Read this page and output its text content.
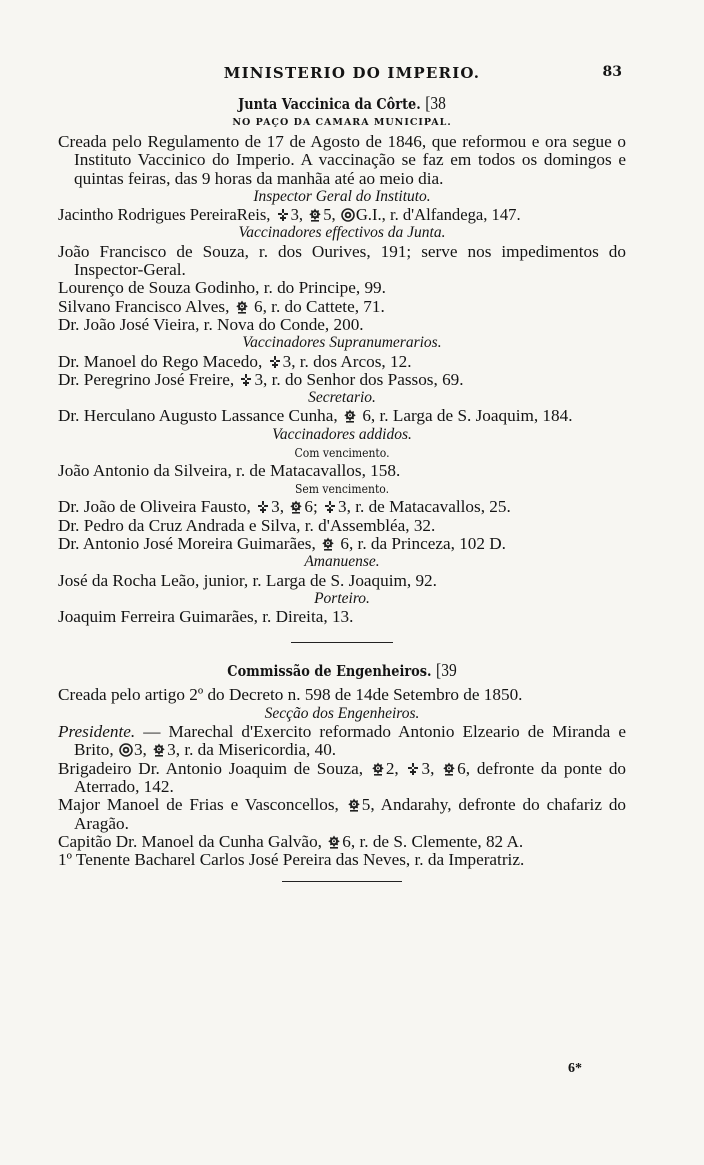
MINISTERIO DO IMPERIO.	83
Junta Vaccinica da Côrte. [38
NO PAÇO DA CAMARA MUNICIPAL.

Creada pelo Regulamento de 17 de Agosto de 1846, que reformou e ora segue o Instituto Vaccinico do Imperio. A vaccinação se faz em todos os domingos e quintas feiras, das 9 horas da manhãa até ao meio dia.

Inspector Geral do Instituto.

Jacintho Rodrigues PereiraReis, 3, 5, G.I., r. d'Alfandega, 147.

Vaccinadores effectivos da Junta.

João Francisco de Souza, r. dos Ourives, 191; serve nos impedimentos do Inspector-Geral.

Lourenço de Souza Godinho, r. do Principe, 99.

Silvano Francisco Alves, 6, r. do Cattete, 71.

Dr. João José Vieira, r. Nova do Conde, 200.

Vaccinadores Supranumerarios.

Dr. Manoel do Rego Macedo, 3, r. dos Arcos, 12.

Dr. Peregrino José Freire, 3, r. do Senhor dos Passos, 69.

Secretario.

Dr. Herculano Augusto Lassance Cunha, 6, r. Larga de S. Joaquim, 184.

Vaccinadores addidos.
Com vencimento.

João Antonio da Silveira, r. de Matacavallos, 158.

Sem vencimento.

Dr. João de Oliveira Fausto, 3, 6; 3, r. de Matacavallos, 25.

Dr. Pedro da Cruz Andrada e Silva, r. d'Assembléa, 32.

Dr. Antonio José Moreira Guimarães, 6, r. da Princeza, 102 D.

Amanuense.

José da Rocha Leão, junior, r. Larga de S. Joaquim, 92.

Porteiro.

Joaquim Ferreira Guimarães, r. Direita, 13.

Commissão de Engenheiros. [39

Creada pelo artigo 2º do Decreto n. 598 de 14de Setembro de 1850.

Secção dos Engenheiros.

Presidente. — Marechal d'Exercito reformado Antonio Elzeario de Miranda e Brito, 3, 3, r. da Misericordia, 40.

Brigadeiro Dr. Antonio Joaquim de Souza, 2, 3, 6, defronte da ponte do Aterrado, 142.

Major Manoel de Frias e Vasconcellos, 5, Andarahy, defronte do chafariz do Aragão.

Capitão Dr. Manoel da Cunha Galvão, 6, r. de S. Clemente, 82 A.

1º Tenente Bacharel Carlos José Pereira das Neves, r. da Imperatriz.

6*
